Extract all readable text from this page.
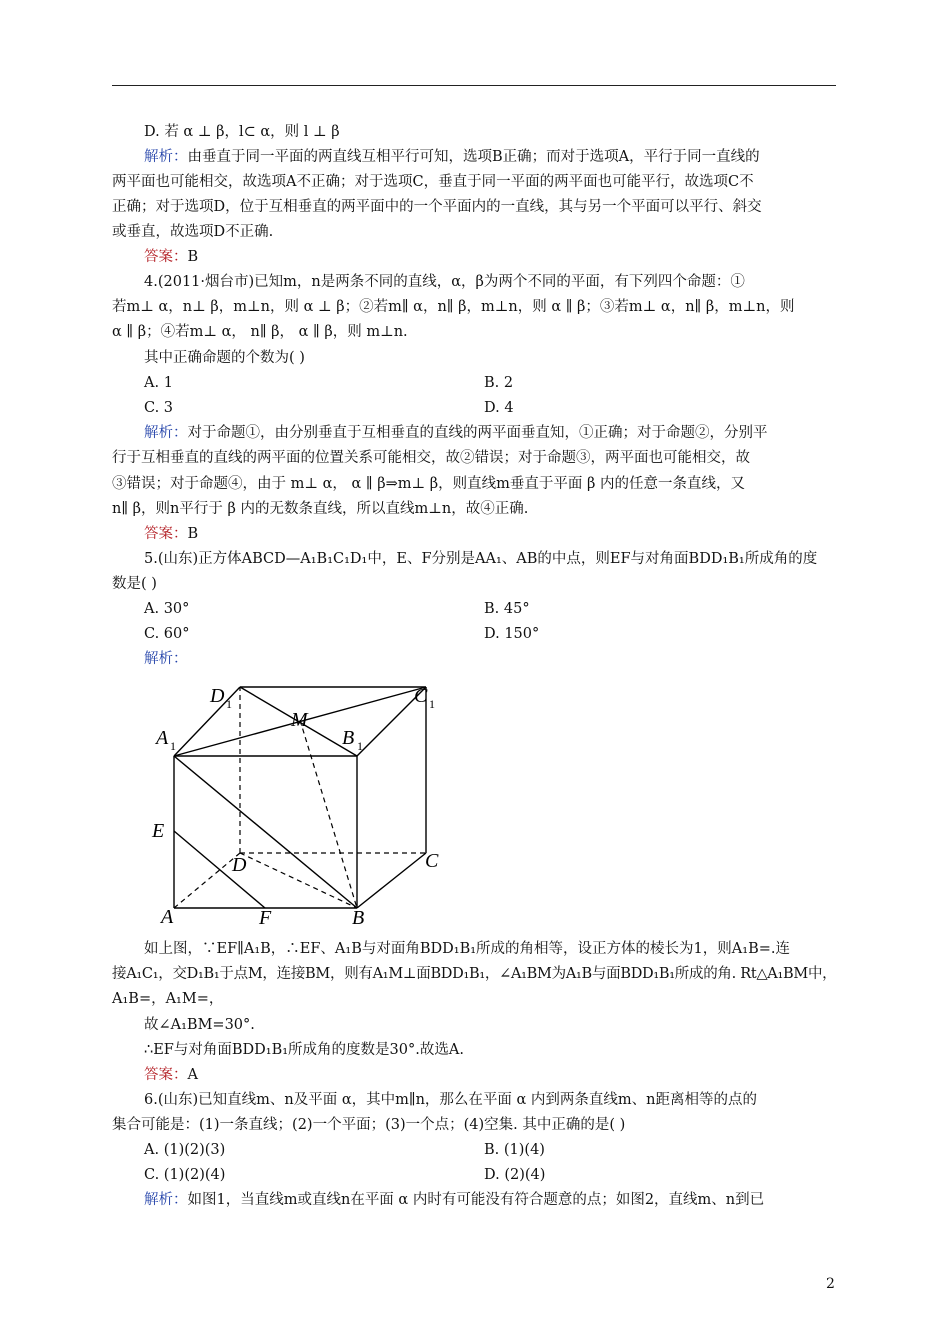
D. 若 α ⊥ β，l⊂ α，则 l ⊥ β
解析：由垂直于同一平面的两直线互相平行可知，选项B正确；而对于选项A，平行于同一直线的
两平面也可能相交，故选项A不正确；对于选项C，垂直于同一平面的两平面也可能平行，故选项C不
正确；对于选项D，位于互相垂直的两平面中的一个平面内的一直线，其与另一个平面可以平行、斜交
或垂直，故选项D不正确.
答案：B
4.(2011·烟台市)已知m，n是两条不同的直线，α，β为两个不同的平面，有下列四个命题：①
若m⊥ α，n⊥ β，m⊥n，则 α ⊥ β；②若m∥ α，n∥ β，m⊥n，则 α ∥ β；③若m⊥ α，n∥ β，m⊥n，则
α ∥ β；④若m⊥ α， n∥ β， α ∥ β，则 m⊥n.
其中正确命题的个数为( )
A. 1	B. 2
C. 3	D. 4
解析：对于命题①，由分别垂直于互相垂直的直线的两平面垂直知，①正确；对于命题②，分别平
行于互相垂直的直线的两平面的位置关系可能相交，故②错误；对于命题③，两平面也可能相交，故
③错误；对于命题④，由于 m⊥ α， α ∥ β⇒m⊥ β，则直线m垂直于平面 β 内的任意一条直线，又
n∥ β，则n平行于 β 内的无数条直线，所以直线m⊥n，故④正确.
答案：B
5.(山东)正方体ABCD—A₁B₁C₁D₁中，E、F分别是AA₁、AB的中点，则EF与对角面BDD₁B₁所成角的度
数是( )
A. 30°	B. 45°
C. 60°	D. 150°
解析：
D 1	C 1
M
A 1	B 1
E
D	C
A	F	B
如上图，∵EF∥A₁B，∴EF、A₁B与对面角BDD₁B₁所成的角相等，设正方体的棱长为1，则A₁B=.连
接A₁C₁，交D₁B₁于点M，连接BM，则有A₁M⊥面BDD₁B₁，∠A₁BM为A₁B与面BDD₁B₁所成的角. Rt△A₁BM中，
A₁B=，A₁M=，
故∠A₁BM=30°.
∴EF与对角面BDD₁B₁所成角的度数是30°.故选A.
答案：A
6.(山东)已知直线m、n及平面 α，其中m∥n，那么在平面 α 内到两条直线m、n距离相等的点的
集合可能是：(1)一条直线；(2)一个平面；(3)一个点；(4)空集. 其中正确的是( )
A. (1)(2)(3)	B. (1)(4)
C. (1)(2)(4)	D. (2)(4)
解析：如图1，当直线m或直线n在平面 α 内时有可能没有符合题意的点；如图2，直线m、n到已
2
